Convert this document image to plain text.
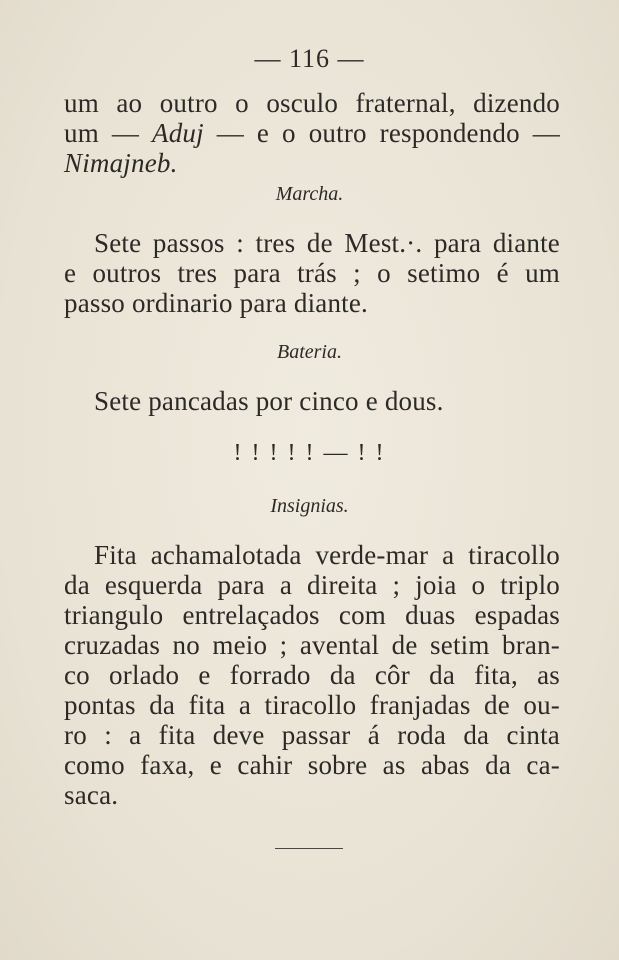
— 116 —
um ao outro o osculo fraternal, dizendo
um — Aduj — e o outro respondendo —
Nimajneb.
Marcha.
Sete passos : tres de Mest.·. para diante
e outros tres para trás ; o setimo é um
passo ordinario para diante.
Bateria.
Sete pancadas por cinco e dous.
! ! ! ! ! — ! !
Insignias.
Fita achamalotada verde-mar a tiracollo
da esquerda para a direita ; joia o triplo
triangulo entrelaçados com duas espadas
cruzadas no meio ; avental de setim bran-
co orlado e forrado da côr da fita, as
pontas da fita a tiracollo franjadas de ou-
ro : a fita deve passar á roda da cinta
como faxa, e cahir sobre as abas da ca-
saca.
